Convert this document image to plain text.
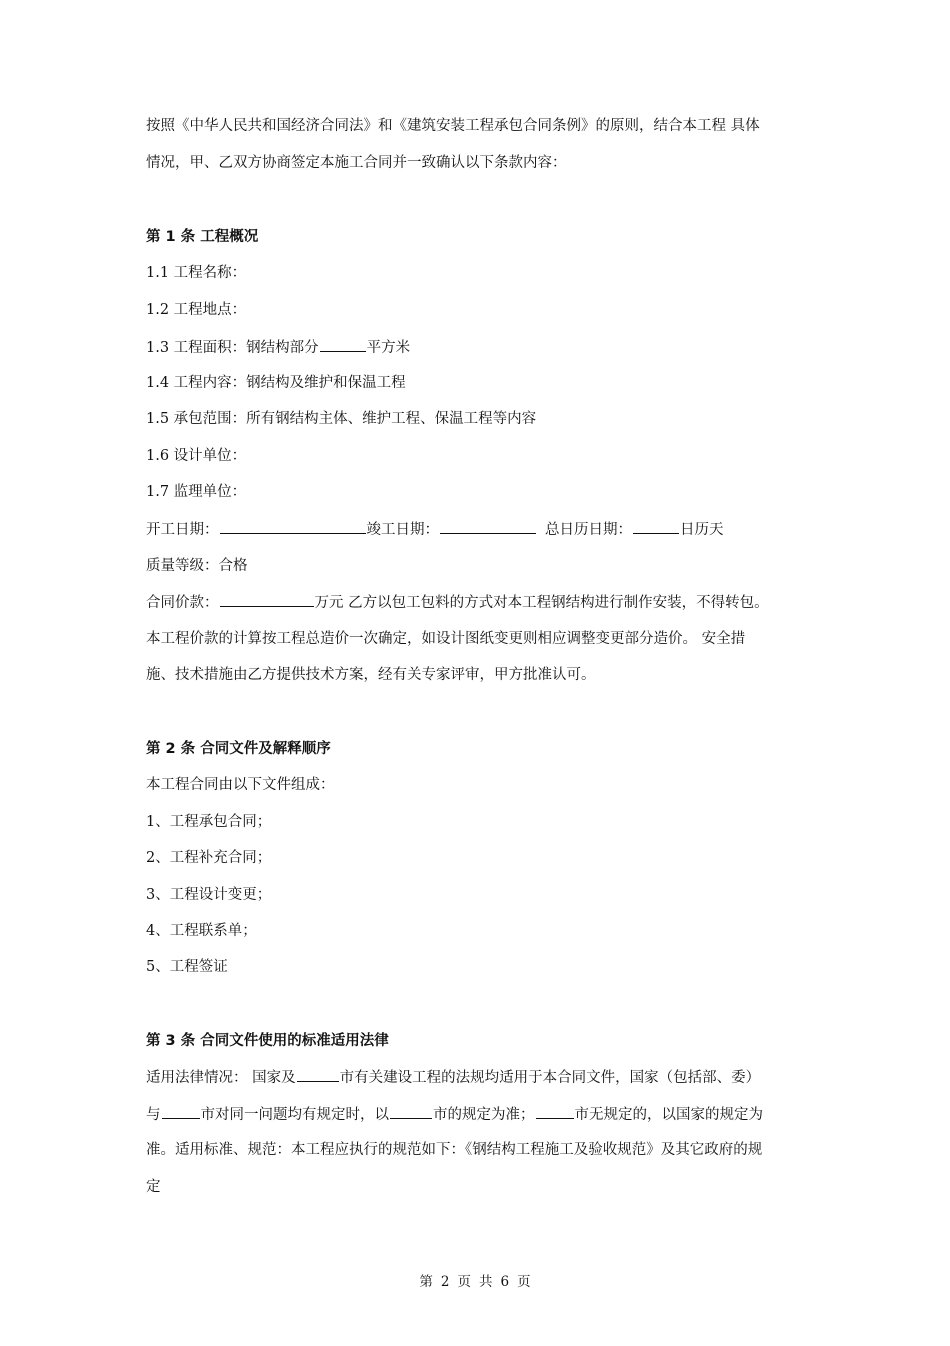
按照《中华人民共和国经济合同法》和《建筑安装工程承包合同条例》的原则，结合本工程 具体
情况，甲、乙双方协商签定本施工合同并一致确认以下条款内容：
第 1 条 工程概况
1.1 工程名称：
1.2 工程地点：
1.3 工程面积：钢结构部分	平方米
1.4 工程内容：钢结构及维护和保温工程
1.5 承包范围：所有钢结构主体、维护工程、保温工程等内容
1.6 设计单位：
1.7 监理单位：
开工日期：	竣工日期：	总日历日期：	日历天
质量等级：合格
合同价款：	万元 乙方以包工包料的方式对本工程钢结构进行制作安装，不得转包。
本工程价款的计算按工程总造价一次确定，如设计图纸变更则相应调整变更部分造价。 安全措
施、技术措施由乙方提供技术方案，经有关专家评审，甲方批准认可。
第 2 条 合同文件及解释顺序
本工程合同由以下文件组成：
1、工程承包合同；
2、工程补充合同；
3、工程设计变更；
4、工程联系单；
5、工程签证
第 3 条 合同文件使用的标准适用法律
适用法律情况： 国家及	市有关建设工程的法规均适用于本合同文件，国家（包括部、委）
与	市对同一问题均有规定时，以	市的规定为准；	市无规定的，以国家的规定为
准。适用标准、规范：本工程应执行的规范如下：《钢结构工程施工及验收规范》及其它政府的规
定
第 2 页 共 6 页
